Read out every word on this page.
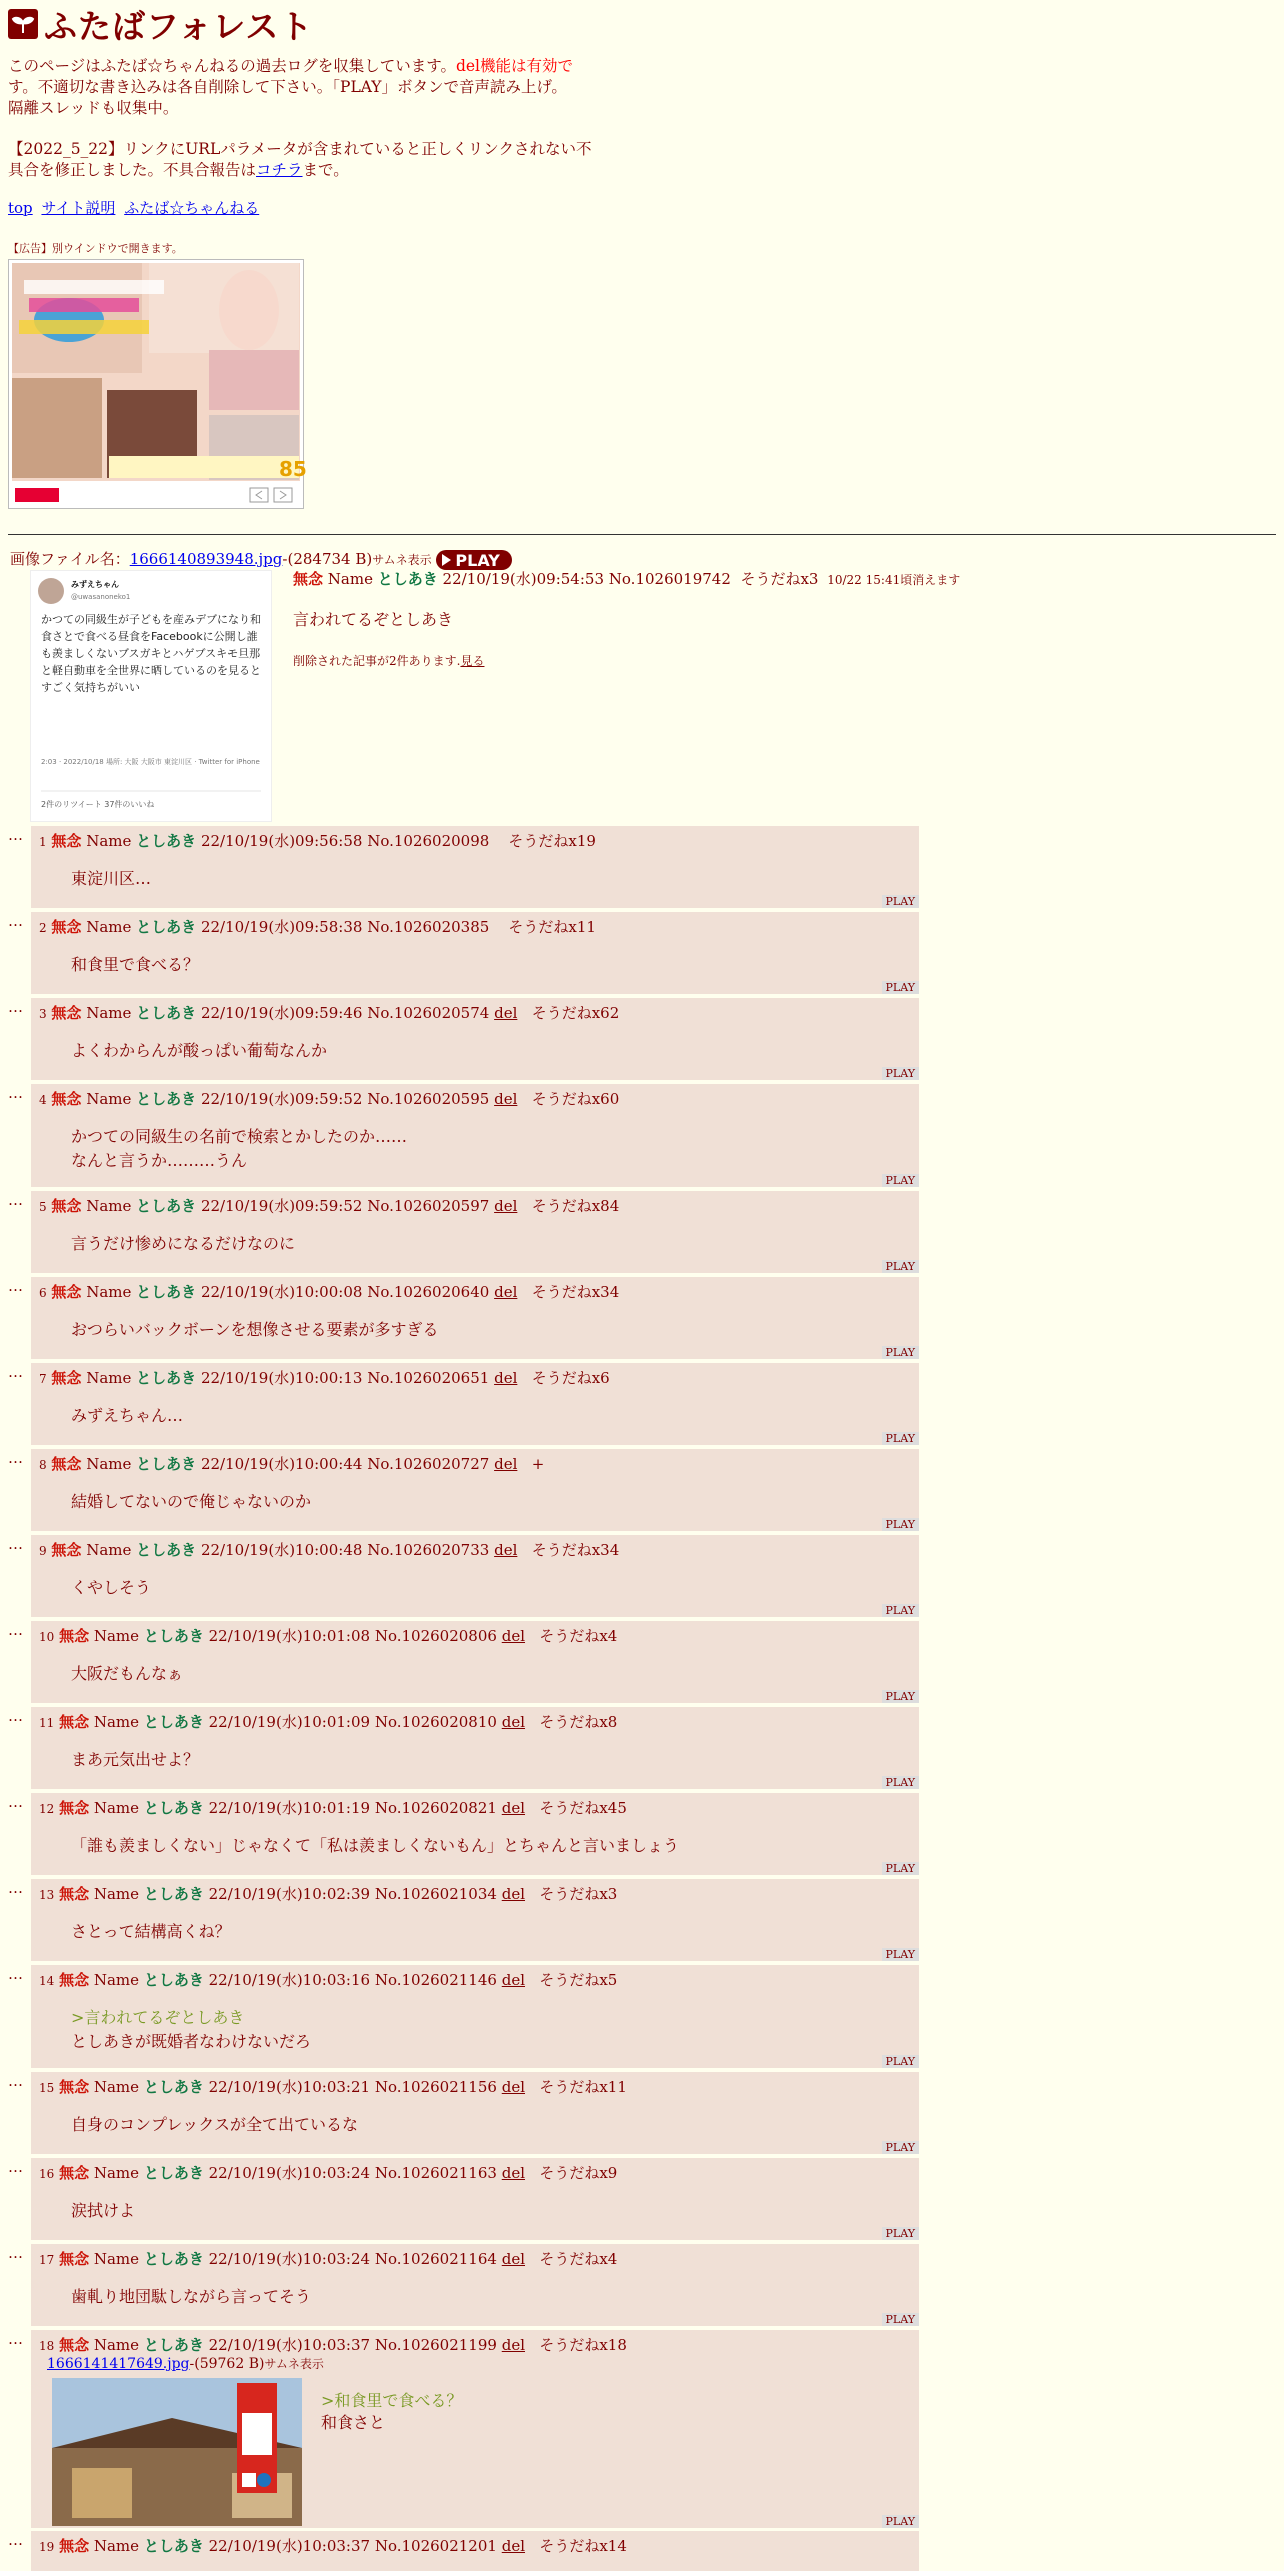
ふたばフォレスト
このページはふたば☆ちゃんねるの過去ログを収集しています。del機能は有効で
す。不適切な書き込みは各自削除して下さい。「PLAY」ボタンで音声読み上げ。
隔離スレッドも収集中。
【2022_5_22】リンクにURLパラメータが含まれていると正しくリンクされない不
具合を修正しました。不具合報告はコチラまで。
top サイト説明 ふたば☆ちゃんねる
【広告】別ウインドウで開きます。
85
画像ファイル名：1666140893948.jpg-(284734 B)サムネ表示 PLAY
みずえちゃん
@uwasanoneko1
かつての同級生が子どもを産みデブになり和食さとで食べる昼食をFacebookに公開し誰も羨ましくないブスガキとハゲブスキモ旦那と軽自動車を全世界に晒しているのを見るとすごく気持ちがいい
2:03 · 2022/10/18 場所: 大阪 大阪市 東淀川区 · Twitter for iPhone
2件のリツイート 37件のいいね
無念 Name としあき 22/10/19(水)09:54:53 No.1026019742 そうだねx3 10/22 15:41頃消えます
言われてるぞとしあき
削除された記事が2件あります.見る
…	1 無念 Name としあき 22/10/19(水)09:56:58 No.1026020098 そうだねx19
東淀川区…
PLAY
…	2 無念 Name としあき 22/10/19(水)09:58:38 No.1026020385 そうだねx11
和食里で食べる？
PLAY
…	3 無念 Name としあき 22/10/19(水)09:59:46 No.1026020574 del そうだねx62
よくわからんが酸っぱい葡萄なんか
PLAY
…	4 無念 Name としあき 22/10/19(水)09:59:52 No.1026020595 del そうだねx60
かつての同級生の名前で検索とかしたのか……
なんと言うか………うん
PLAY
…	5 無念 Name としあき 22/10/19(水)09:59:52 No.1026020597 del そうだねx84
言うだけ惨めになるだけなのに
PLAY
…	6 無念 Name としあき 22/10/19(水)10:00:08 No.1026020640 del そうだねx34
おつらいバックボーンを想像させる要素が多すぎる
PLAY
…	7 無念 Name としあき 22/10/19(水)10:00:13 No.1026020651 del そうだねx6
みずえちゃん…
PLAY
…	8 無念 Name としあき 22/10/19(水)10:00:44 No.1026020727 del +
結婚してないので俺じゃないのか
PLAY
…	9 無念 Name としあき 22/10/19(水)10:00:48 No.1026020733 del そうだねx34
くやしそう
PLAY
…	10 無念 Name としあき 22/10/19(水)10:01:08 No.1026020806 del そうだねx4
大阪だもんなぁ
PLAY
…	11 無念 Name としあき 22/10/19(水)10:01:09 No.1026020810 del そうだねx8
まあ元気出せよ？
PLAY
…	12 無念 Name としあき 22/10/19(水)10:01:19 No.1026020821 del そうだねx45
「誰も羨ましくない」じゃなくて「私は羨ましくないもん」とちゃんと言いましょう
PLAY
…	13 無念 Name としあき 22/10/19(水)10:02:39 No.1026021034 del そうだねx3
さとって結構高くね？
PLAY
…	14 無念 Name としあき 22/10/19(水)10:03:16 No.1026021146 del そうだねx5
>言われてるぞとしあき
としあきが既婚者なわけないだろ
PLAY
…	15 無念 Name としあき 22/10/19(水)10:03:21 No.1026021156 del そうだねx11
自身のコンプレックスが全て出ているな
PLAY
…	16 無念 Name としあき 22/10/19(水)10:03:24 No.1026021163 del そうだねx9
涙拭けよ
PLAY
…	17 無念 Name としあき 22/10/19(水)10:03:24 No.1026021164 del そうだねx4
歯軋り地団駄しながら言ってそう
PLAY
…	18 無念 Name としあき 22/10/19(水)10:03:37 No.1026021199 del そうだねx18
1666141417649.jpg-(59762 B)サムネ表示
>和食里で食べる？
和食さと
PLAY
…	19 無念 Name としあき 22/10/19(水)10:03:37 No.1026021201 del そうだねx14
